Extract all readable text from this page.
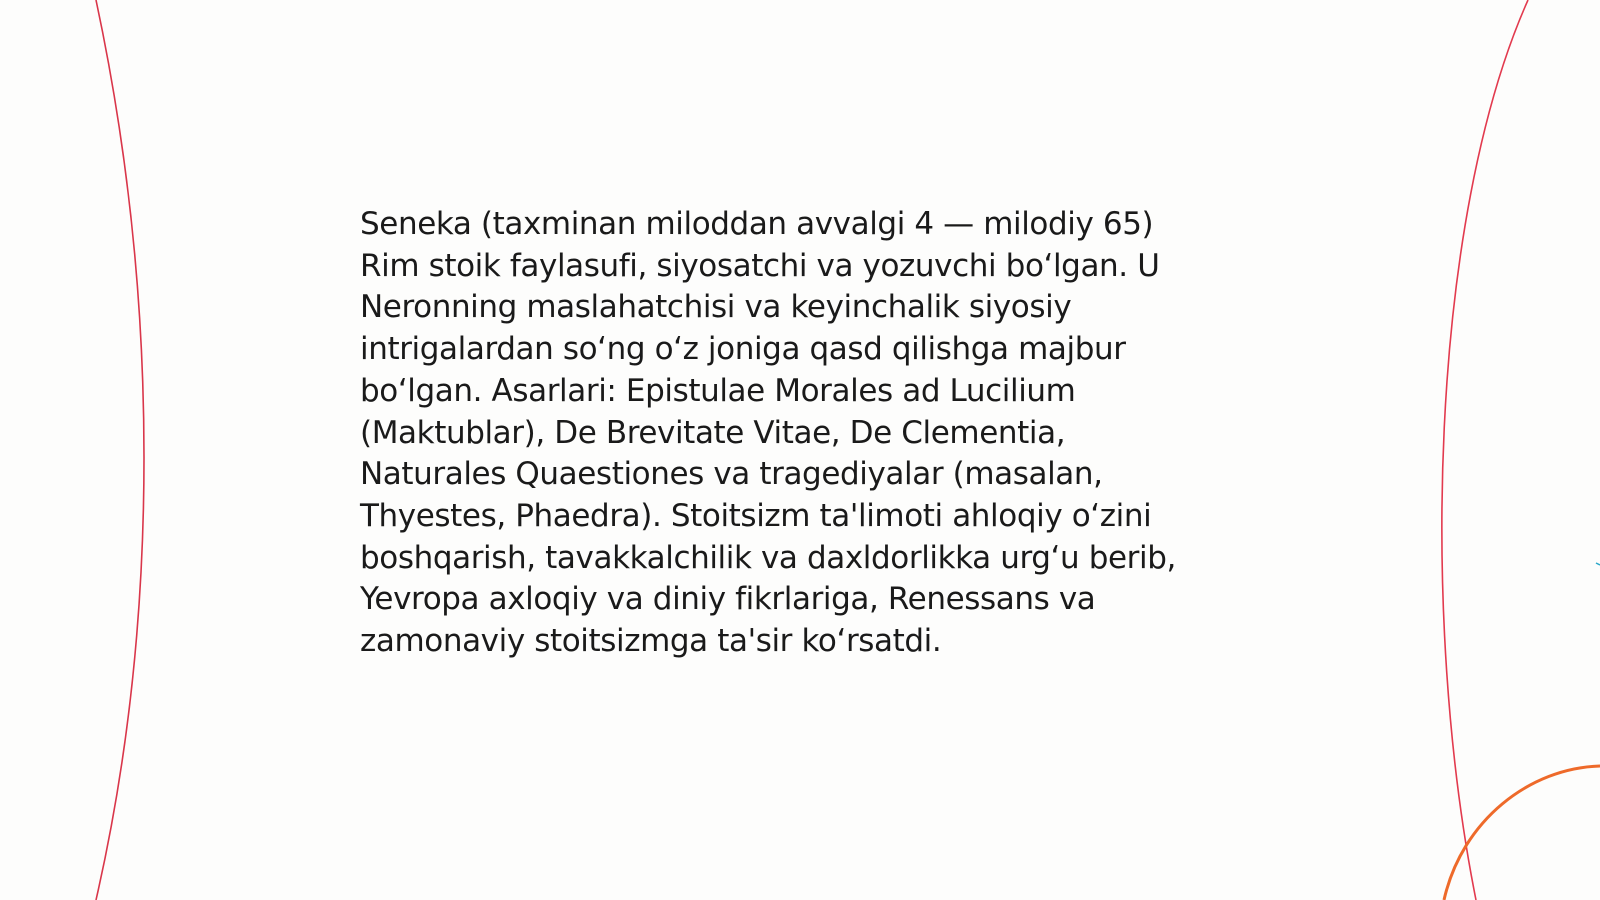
Seneka (taxminan miloddan avvalgi 4 — milodiy 65)
Rim stoik faylasufi, siyosatchi va yozuvchi boʻlgan. U
Neronning maslahatchisi va keyinchalik siyosiy
intrigalardan soʻng oʻz joniga qasd qilishga majbur
boʻlgan. Asarlari: Epistulae Morales ad Lucilium
(Maktublar), De Brevitate Vitae, De Clementia,
Naturales Quaestiones va tragediyalar (masalan,
Thyestes, Phaedra). Stoitsizm ta'limoti ahloqiy oʻzini
boshqarish, tavakkalchilik va daxldorlikka urgʻu berib,
Yevropa axloqiy va diniy fikrlariga, Renessans va
zamonaviy stoitsizmga ta'sir koʻrsatdi.
